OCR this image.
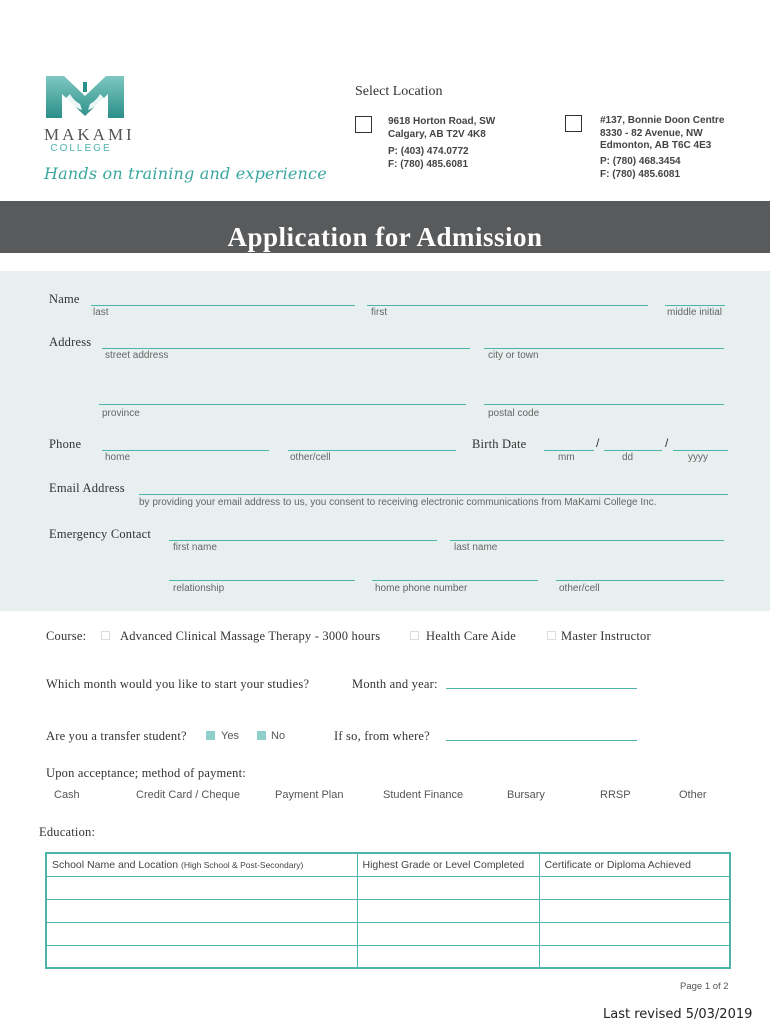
MAKAMI
COLLEGE
Hands on training and experience
Select Location
9618 Horton Road, SW
Calgary, AB T2V 4K8
P: (403) 474.0772
F: (780) 485.6081
#137, Bonnie Doon Centre
8330 - 82 Avenue, NW
Edmonton, AB T6C 4E3
P: (780) 468.3454
F: (780) 485.6081
Application for Admission
Name
last	first	middle initial
Address
street address	city or town
province	postal code
Phone
home	other/cell
Birth Date	/	/
mm	dd	yyyy
Email Address
by providing your email address to us, you consent to receiving electronic communications from MaKami College Inc.
Emergency Contact
first name	last name
relationship	home phone number	other/cell
Course:	Advanced Clinical Massage Therapy - 3000 hours	Health Care Aide	Master Instructor
Which month would you like to start your studies?	Month and year:
Are you a transfer student?	Yes	No	If so, from where?
Upon acceptance; method of payment:
Cash	Credit Card / Cheque	Payment Plan	Student Finance	Bursary	RRSP	Other
Education:
School Name and Location (High School & Post-Secondary)	Highest Grade or Level Completed	Certificate or Diploma Achieved

Page 1 of 2
Last revised 5/03/2019
